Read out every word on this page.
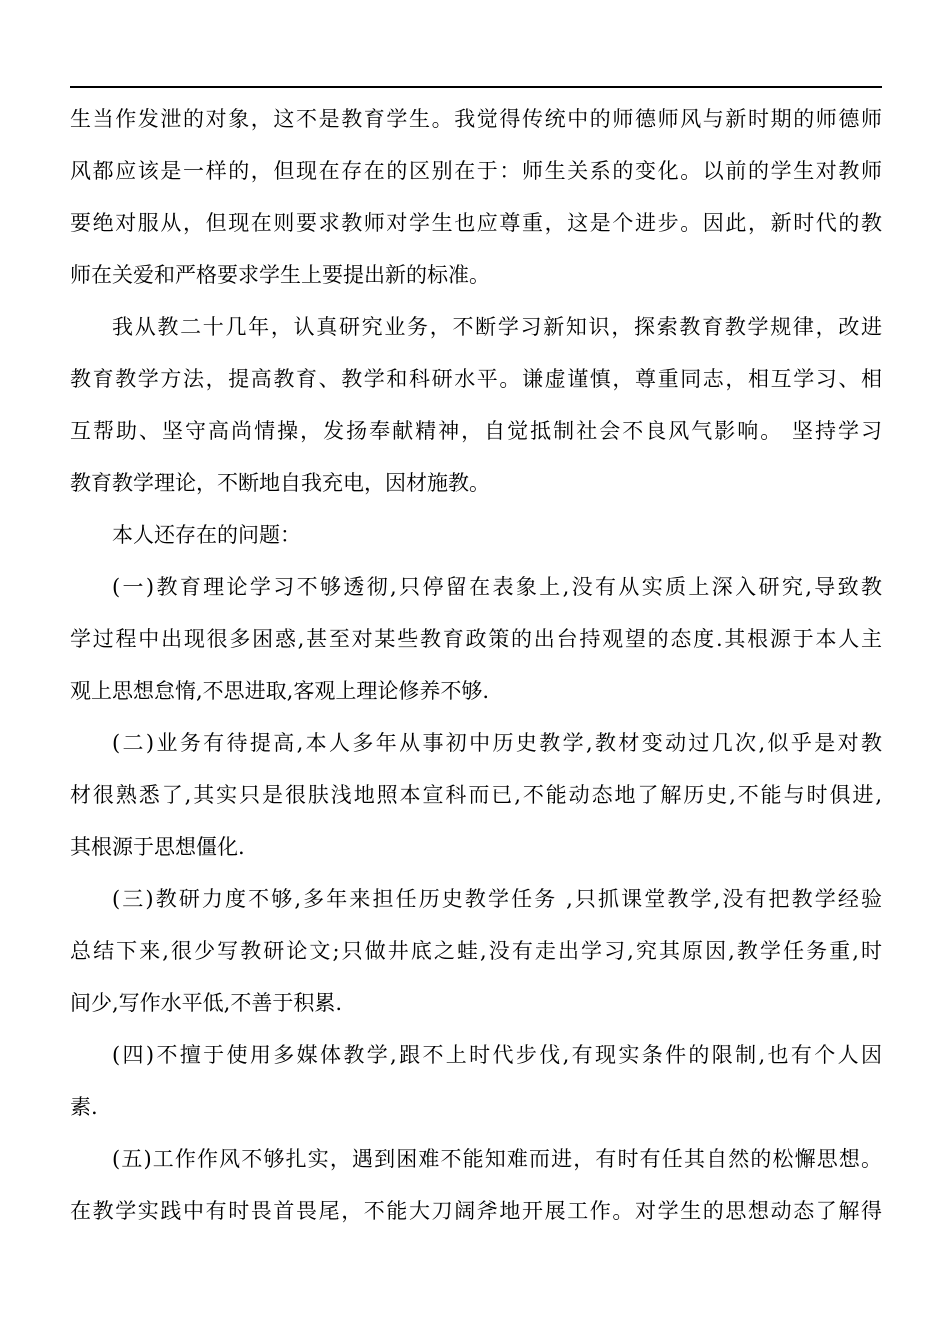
生当作发泄的对象，这不是教育学生。我觉得传统中的师德师风与新时期的师德师
风都应该是一样的，但现在存在的区别在于：师生关系的变化。以前的学生对教师
要绝对服从，但现在则要求教师对学生也应尊重，这是个进步。因此，新时代的教
师在关爱和严格要求学生上要提出新的标准。
我从教二十几年，认真研究业务，不断学习新知识，探索教育教学规律，改进
教育教学方法，提高教育、教学和科研水平。谦虚谨慎，尊重同志，相互学习、相
互帮助、坚守高尚情操，发扬奉献精神，自觉抵制社会不良风气影响。 坚持学习
教育教学理论，不断地自我充电，因材施教。
本人还存在的问题：
(一)教育理论学习不够透彻,只停留在表象上,没有从实质上深入研究,导致教
学过程中出现很多困惑,甚至对某些教育政策的出台持观望的态度.其根源于本人主
观上思想怠惰,不思进取,客观上理论修养不够.
(二)业务有待提高,本人多年从事初中历史教学,教材变动过几次,似乎是对教
材很熟悉了,其实只是很肤浅地照本宣科而已,不能动态地了解历史,不能与时俱进,
其根源于思想僵化.
(三)教研力度不够,多年来担任历史教学任务 ,只抓课堂教学,没有把教学经验
总结下来,很少写教研论文;只做井底之蛙,没有走出学习,究其原因,教学任务重,时
间少,写作水平低,不善于积累.
(四)不擅于使用多媒体教学,跟不上时代步伐,有现实条件的限制,也有个人因
素.
(五)工作作风不够扎实，遇到困难不能知难而进，有时有任其自然的松懈思想。
在教学实践中有时畏首畏尾，不能大刀阔斧地开展工作。对学生的思想动态了解得
